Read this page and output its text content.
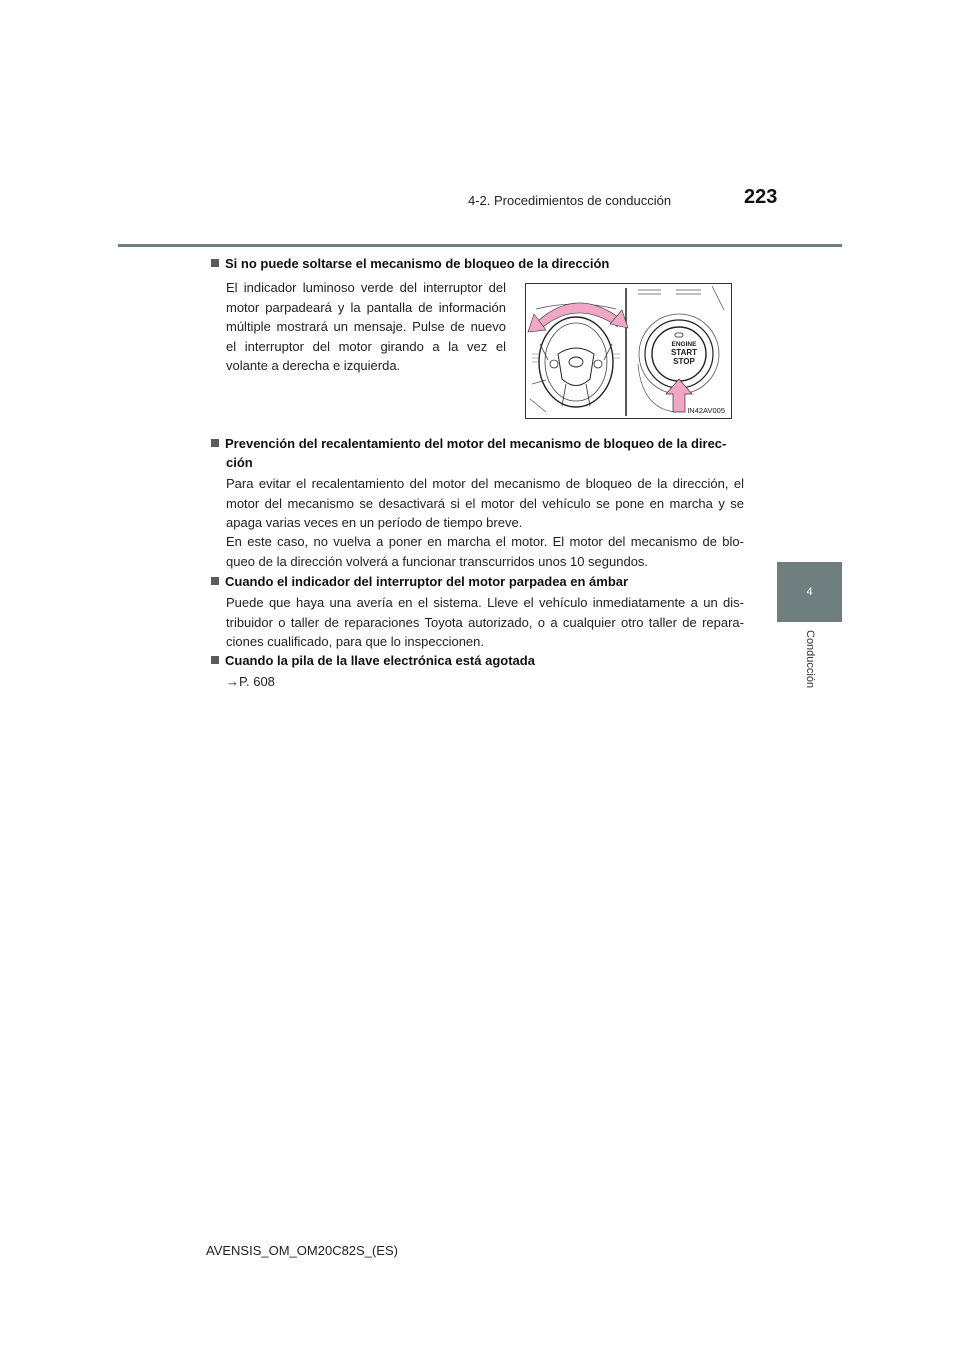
4-2. Procedimientos de conducción	223
4
Conducción
Si no puede soltarse el mecanismo de bloqueo de la dirección
El indicador luminoso verde del interruptor del motor parpadeará y la pantalla de información múltiple mostrará un mensaje. Pulse de nuevo el interruptor del motor girando a la vez el volante a derecha e izquierda.
ENGINE
START
STOP
IN42AV005
Prevención del recalentamiento del motor del mecanismo de bloqueo de la direc-
ción
Para evitar el recalentamiento del motor del mecanismo de bloqueo de la dirección, el motor del mecanismo se desactivará si el motor del vehículo se pone en marcha y se apaga varias veces en un período de tiempo breve.
En este caso, no vuelva a poner en marcha el motor. El motor del mecanismo de blo-queo de la dirección volverá a funcionar transcurridos unos 10 segundos.
Cuando el indicador del interruptor del motor parpadea en ámbar
Puede que haya una avería en el sistema. Lleve el vehículo inmediatamente a un dis-tribuidor o taller de reparaciones Toyota autorizado, o a cualquier otro taller de repara-ciones cualificado, para que lo inspeccionen.
Cuando la pila de la llave electrónica está agotada
→P. 608
AVENSIS_OM_OM20C82S_(ES)
